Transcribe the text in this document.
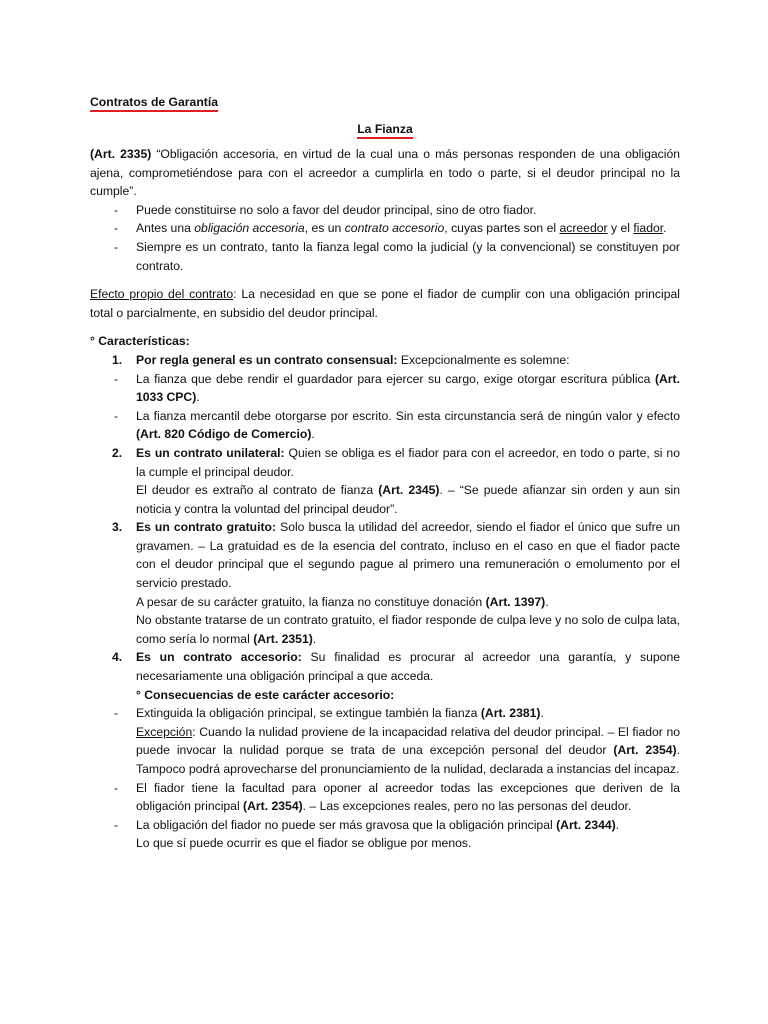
Contratos de Garantía
La Fianza

(Art. 2335) “Obligación accesoria, en virtud de la cual una o más personas responden de una obligación ajena, comprometiéndose para con el acreedor a cumplirla en todo o parte, si el deudor principal no la cumple”.

- Puede constituirse no solo a favor del deudor principal, sino de otro fiador.
- Antes una obligación accesoria, es un contrato accesorio, cuyas partes son el acreedor y el fiador.
- Siempre es un contrato, tanto la fianza legal como la judicial (y la convencional) se constituyen por contrato.

Efecto propio del contrato: La necesidad en que se pone el fiador de cumplir con una obligación principal total o parcialmente, en subsidio del deudor principal.

° Características:

1. Por regla general es un contrato consensual: Excepcionalmente es solemne:
- La fianza que debe rendir el guardador para ejercer su cargo, exige otorgar escritura pública (Art. 1033 CPC).
- La fianza mercantil debe otorgarse por escrito. Sin esta circunstancia será de ningún valor y efecto (Art. 820 Código de Comercio).
2. Es un contrato unilateral: Quien se obliga es el fiador para con el acreedor, en todo o parte, si no la cumple el principal deudor.
El deudor es extraño al contrato de fianza (Art. 2345). – “Se puede afianzar sin orden y aun sin noticia y contra la voluntad del principal deudor”.
3. Es un contrato gratuito: Solo busca la utilidad del acreedor, siendo el fiador el único que sufre un gravamen. – La gratuidad es de la esencia del contrato, incluso en el caso en que el fiador pacte con el deudor principal que el segundo pague al primero una remuneración o emolumento por el servicio prestado.
A pesar de su carácter gratuito, la fianza no constituye donación (Art. 1397).
No obstante tratarse de un contrato gratuito, el fiador responde de culpa leve y no solo de culpa lata, como sería lo normal (Art. 2351).
4. Es un contrato accesorio: Su finalidad es procurar al acreedor una garantía, y supone necesariamente una obligación principal a que acceda.
° Consecuencias de este carácter accesorio:
- Extinguida la obligación principal, se extingue también la fianza (Art. 2381).
Excepción: Cuando la nulidad proviene de la incapacidad relativa del deudor principal. – El fiador no puede invocar la nulidad porque se trata de una excepción personal del deudor (Art. 2354). Tampoco podrá aprovecharse del pronunciamiento de la nulidad, declarada a instancias del incapaz.
- El fiador tiene la facultad para oponer al acreedor todas las excepciones que deriven de la obligación principal (Art. 2354). – Las excepciones reales, pero no las personas del deudor.
- La obligación del fiador no puede ser más gravosa que la obligación principal (Art. 2344).
Lo que sí puede ocurrir es que el fiador se obligue por menos.
